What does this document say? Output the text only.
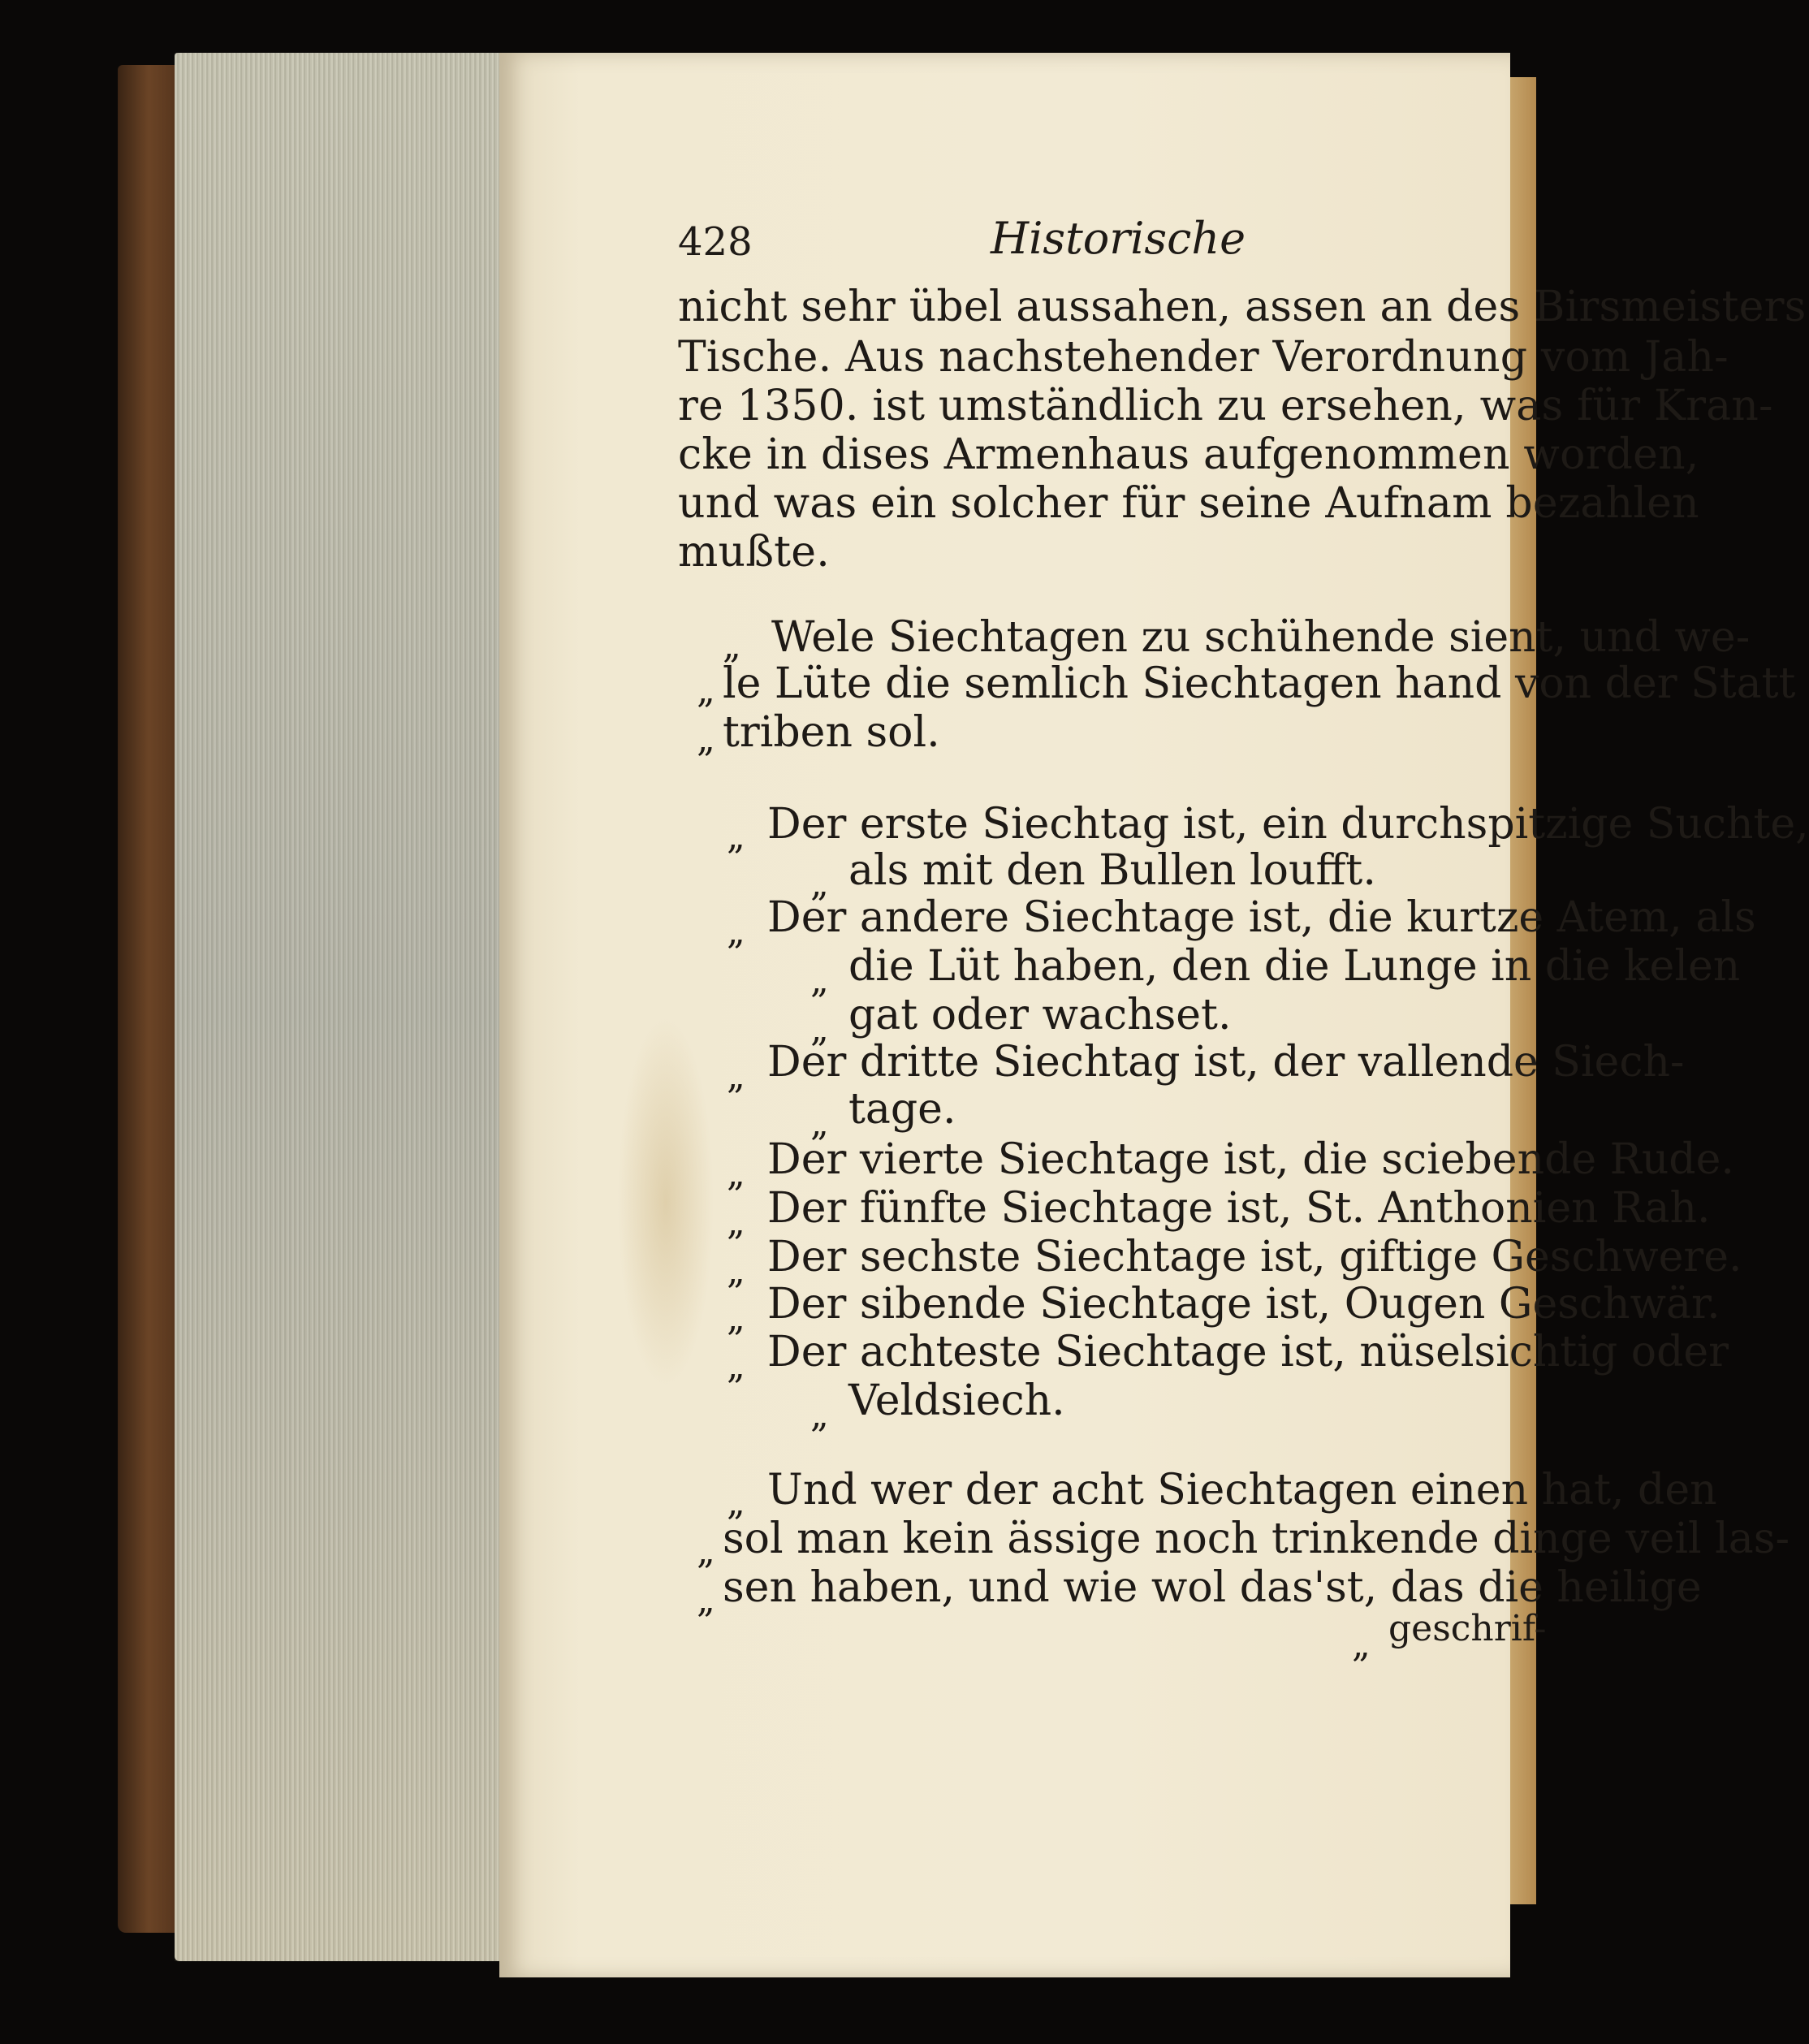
428	Historische
nicht sehr übel aussahen, assen an des Birsmeisters
Tische. Aus nachstehender Verordnung vom Jah-
re 1350. ist umständlich zu ersehen, was für Kran-
cke in dises Armenhaus aufgenommen worden,
und was ein solcher für seine Aufnam bezahlen
mußte.
„ Wele Siechtagen zu schühende sient, und we-
„ le Lüte die semlich Siechtagen hand von der Statt
„ triben sol.
„ Der erste Siechtag ist, ein durchspitzige Suchte,
„ als mit den Bullen loufft.
„ Der andere Siechtage ist, die kurtze Atem, als
„ die Lüt haben, den die Lunge in die kelen
„ gat oder wachset.
„ Der dritte Siechtag ist, der vallende Siech-
„ tage.
„ Der vierte Siechtage ist, die sciebende Rude.
„ Der fünfte Siechtage ist, St. Anthonien Rah.
„ Der sechste Siechtage ist, giftige Geschwere.
„ Der sibende Siechtage ist, Ougen Geschwär.
„ Der achteste Siechtage ist, nüselsichtig oder
„ Veldsiech.
„ Und wer der acht Siechtagen einen hat, den
„ sol man kein ässige noch trinkende dinge veil las-
„ sen haben, und wie wol das'st, das die heilige
„ geschrif-
